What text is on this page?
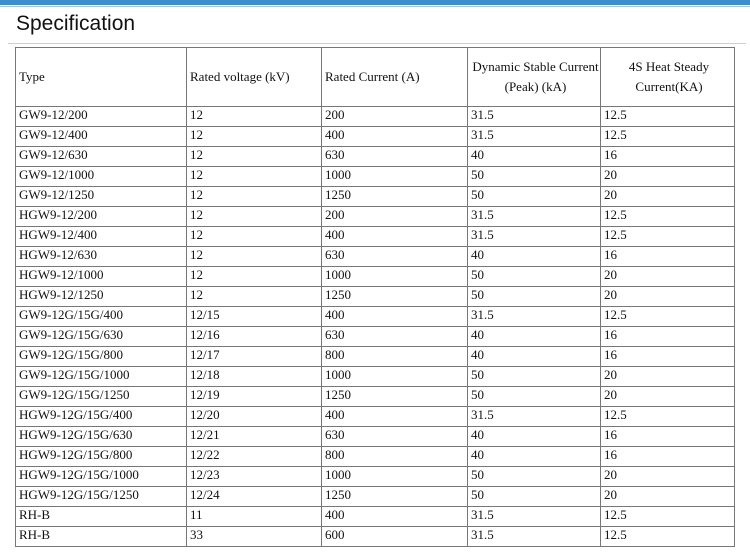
Specification
Type	Rated voltage (kV)	Rated Current (A)	Dynamic Stable Current (Peak) (kA)	4S Heat Steady Current(KA)
GW9-12/200	12	200	31.5	12.5
GW9-12/400	12	400	31.5	12.5
GW9-12/630	12	630	40	16
GW9-12/1000	12	1000	50	20
GW9-12/1250	12	1250	50	20
HGW9-12/200	12	200	31.5	12.5
HGW9-12/400	12	400	31.5	12.5
HGW9-12/630	12	630	40	16
HGW9-12/1000	12	1000	50	20
HGW9-12/1250	12	1250	50	20
GW9-12G/15G/400	12/15	400	31.5	12.5
GW9-12G/15G/630	12/16	630	40	16
GW9-12G/15G/800	12/17	800	40	16
GW9-12G/15G/1000	12/18	1000	50	20
GW9-12G/15G/1250	12/19	1250	50	20
HGW9-12G/15G/400	12/20	400	31.5	12.5
HGW9-12G/15G/630	12/21	630	40	16
HGW9-12G/15G/800	12/22	800	40	16
HGW9-12G/15G/1000	12/23	1000	50	20
HGW9-12G/15G/1250	12/24	1250	50	20
RH-B	11	400	31.5	12.5
RH-B	33	600	31.5	12.5
